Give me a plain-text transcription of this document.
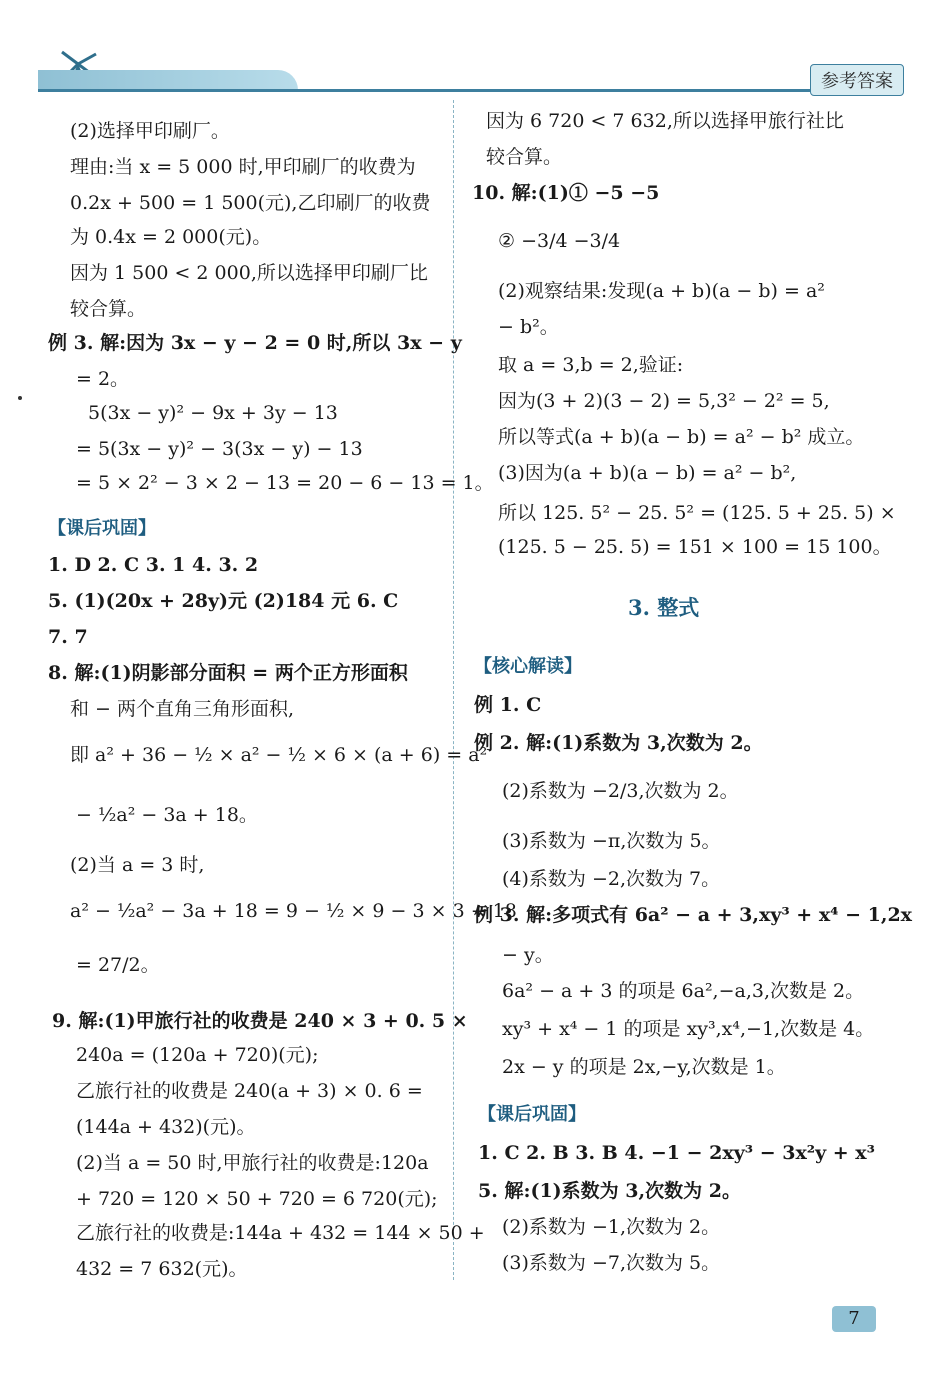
参考答案
(2)选择甲印刷厂。
理由:当 x = 5 000 时,甲印刷厂的收费为
0.2x + 500 = 1 500(元),乙印刷厂的收费
为 0.4x = 2 000(元)。
因为 1 500 < 2 000,所以选择甲印刷厂比
较合算。
例 3. 解:因为 3x − y − 2 = 0 时,所以 3x − y
= 2。
5(3x − y)² − 9x + 3y − 13
= 5(3x − y)² − 3(3x − y) − 13
= 5 × 2² − 3 × 2 − 13 = 20 − 6 − 13 = 1。
【课后巩固】
1. D 2. C 3. 1 4. 3. 2
5. (1)(20x + 28y)元 (2)184 元 6. C
7. 7
8. 解:(1)阴影部分面积 = 两个正方形面积
和 − 两个直角三角形面积,
即 a² + 36 − ½ × a² − ½ × 6 × (a + 6) = a²
− ½a² − 3a + 18。
(2)当 a = 3 时,
a² − ½a² − 3a + 18 = 9 − ½ × 9 − 3 × 3 + 18
= 27/2。
9. 解:(1)甲旅行社的收费是 240 × 3 + 0. 5 ×
240a = (120a + 720)(元);
乙旅行社的收费是 240(a + 3) × 0. 6 =
(144a + 432)(元)。
(2)当 a = 50 时,甲旅行社的收费是:120a
+ 720 = 120 × 50 + 720 = 6 720(元);
乙旅行社的收费是:144a + 432 = 144 × 50 +
432 = 7 632(元)。
因为 6 720 < 7 632,所以选择甲旅行社比
较合算。
10. 解:(1)① −5 −5
② −3/4 −3/4
(2)观察结果:发现(a + b)(a − b) = a²
− b²。
取 a = 3,b = 2,验证:
因为(3 + 2)(3 − 2) = 5,3² − 2² = 5,
所以等式(a + b)(a − b) = a² − b² 成立。
(3)因为(a + b)(a − b) = a² − b²,
所以 125. 5² − 25. 5² = (125. 5 + 25. 5) ×
(125. 5 − 25. 5) = 151 × 100 = 15 100。
3. 整式
【核心解读】
例 1. C
例 2. 解:(1)系数为 3,次数为 2。
(2)系数为 −2/3,次数为 2。
(3)系数为 −π,次数为 5。
(4)系数为 −2,次数为 7。
例 3. 解:多项式有 6a² − a + 3,xy³ + x⁴ − 1,2x
− y。
6a² − a + 3 的项是 6a²,−a,3,次数是 2。
xy³ + x⁴ − 1 的项是 xy³,x⁴,−1,次数是 4。
2x − y 的项是 2x,−y,次数是 1。
【课后巩固】
1. C 2. B 3. B 4. −1 − 2xy³ − 3x²y + x³
5. 解:(1)系数为 3,次数为 2。
(2)系数为 −1,次数为 2。
(3)系数为 −7,次数为 5。
7
